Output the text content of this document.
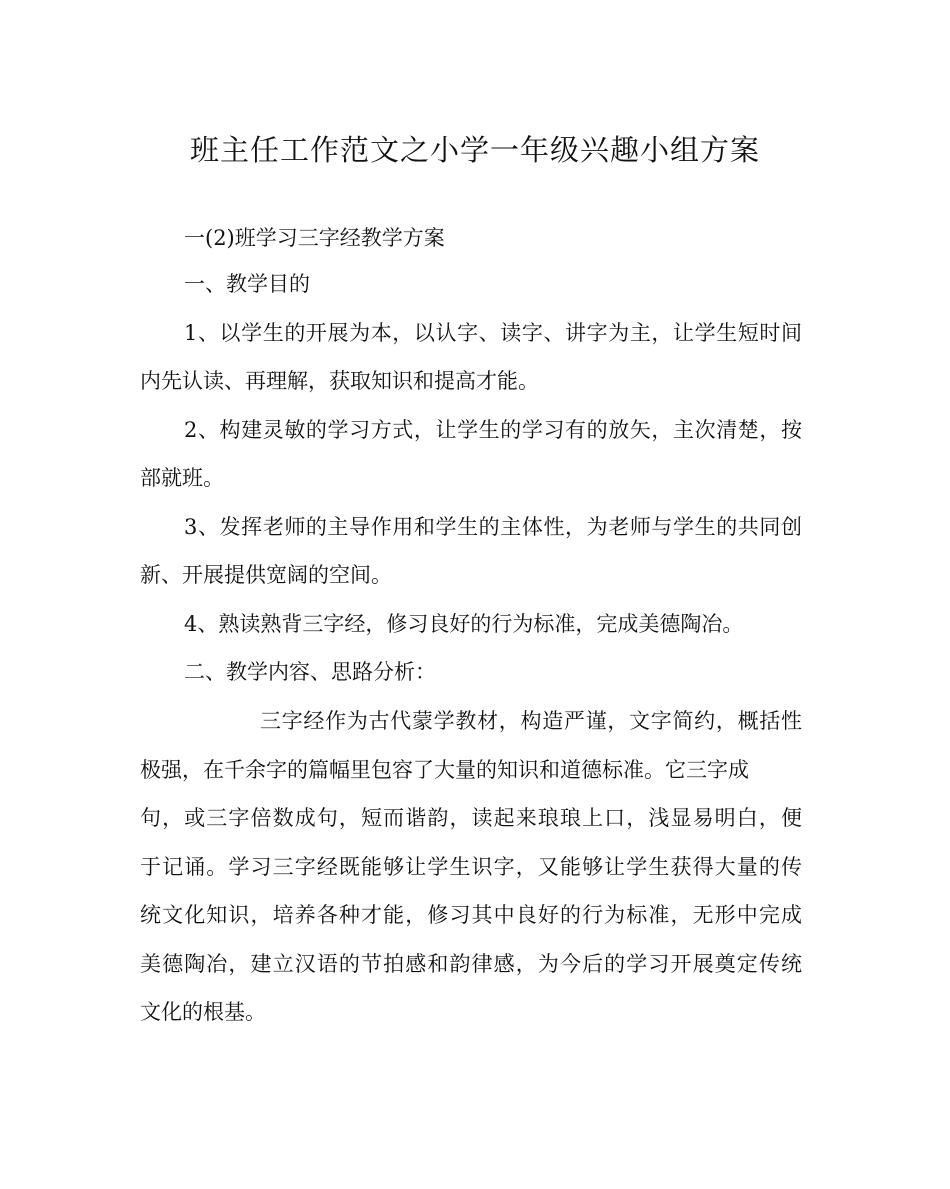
班主任工作范文之小学一年级兴趣小组方案

一(2)班学习三字经教学方案

一、教学目的

1、以学生的开展为本，以认字、读字、讲字为主，让学生短时间

内先认读、再理解，获取知识和提高才能。

2、构建灵敏的学习方式，让学生的学习有的放矢，主次清楚，按

部就班。

3、发挥老师的主导作用和学生的主体性，为老师与学生的共同创

新、开展提供宽阔的空间。

4、熟读熟背三字经，修习良好的行为标准，完成美德陶冶。

二、教学内容、思路分析：

三字经作为古代蒙学教材，构造严谨，文字简约，概括性

极强，在千余字的篇幅里包容了大量的知识和道德标准。它三字成

句，或三字倍数成句，短而谐韵，读起来琅琅上口，浅显易明白，便

于记诵。学习三字经既能够让学生识字，又能够让学生获得大量的传

统文化知识，培养各种才能，修习其中良好的行为标准，无形中完成

美德陶冶，建立汉语的节拍感和韵律感，为今后的学习开展奠定传统

文化的根基。
